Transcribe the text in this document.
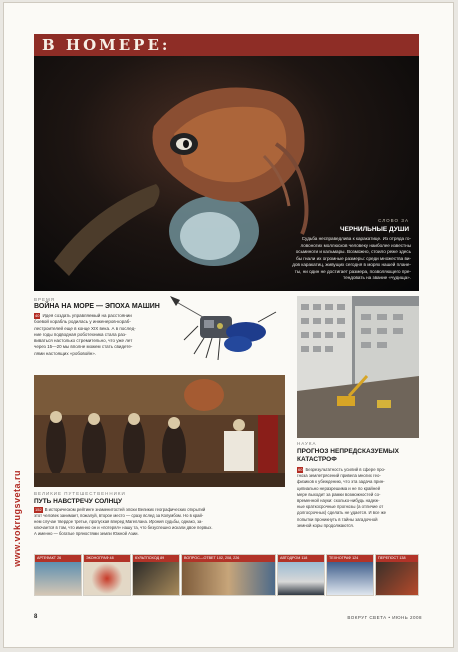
В НОМЕРЕ:
СЛОВО ЗА
ЧЕРНИЛЬНЫЕ ДУШИ
Судьба неспрaведлива к каракатице. Из отряда го-
ловоногих моллюсков человеку наиболее известны
осьминоги и кальмары. Возможно, стоило реже здесь
бы гнали их огромные размеры: среди множества ви-
дов каракатиц, живущих сегодня в морях нашей плане-
ты, ни один не достигает размера, позволяющего пре-
тендовать на звание «чудища».
ВРЕМЯ
ВОЙНА НА МОРЕ — ЭПОХА МАШИН
40 Идея создать управляемый на расстоянии
боевой корабль родилась у инженеров-кораб-
лестроителей еще в конце XIX века. А в послед-
ние годы подводная роботехника стала раз-
виваться настолько стремительно, что уже лет
через 15—20 мы вполне можем стать свидете-
лями настоящих «робовойн».
НАУКА
ПРОГНОЗ НЕПРЕДСКАЗУЕМЫХ
КАТАСТРОФ
60 Безрезультатность усилий в сфере про-
гноза землетрясений привела многих гео-
физиков к убеждению, что эта задача прин-
ципиально неразрешима и не по крайней
мере выходит за рамки возможностей со-
временной науки: сколько-нибудь надеж-
ные краткосрочные прогнозы (а отличие от
долгосрочных) сделать не удается. И все же
попытки проникнуть в тайны загадочной
земной коры продолжаются.
ВЕЛИКИЕ ПУТЕШЕСТВЕННИКИ
ПУТЬ НАВСТРЕЧУ СОЛНЦУ
152 В историческом рейтинге знаменитостей эпохи Великих географических открытий
этот человек занимает, пожалуй, второе место — сразу вслед за Колумбом. Но в край-
нем случае твердое третье, пропуская вперед Магеллана. Ирония судьбы, однако, за-
ключается в том, что именно он и «потерял» нашу та, что безуспешно искали двое первых.
А именно — богатые пряностями земли Южной Азии.
www.vokrugsveta.ru	АРТЕФАКТ 26	ЭКОНОГРАФ 48	КУЛЬТПОХОД 89	ВОПРОС—ОТВЕТ 102, 208, 226	АВТОДРОМ 118	ТЕХНОГРАФ 124	ПЕРЕПОСТ 138
8	ВОКРУГ СВЕТА • ИЮНЬ 2008
